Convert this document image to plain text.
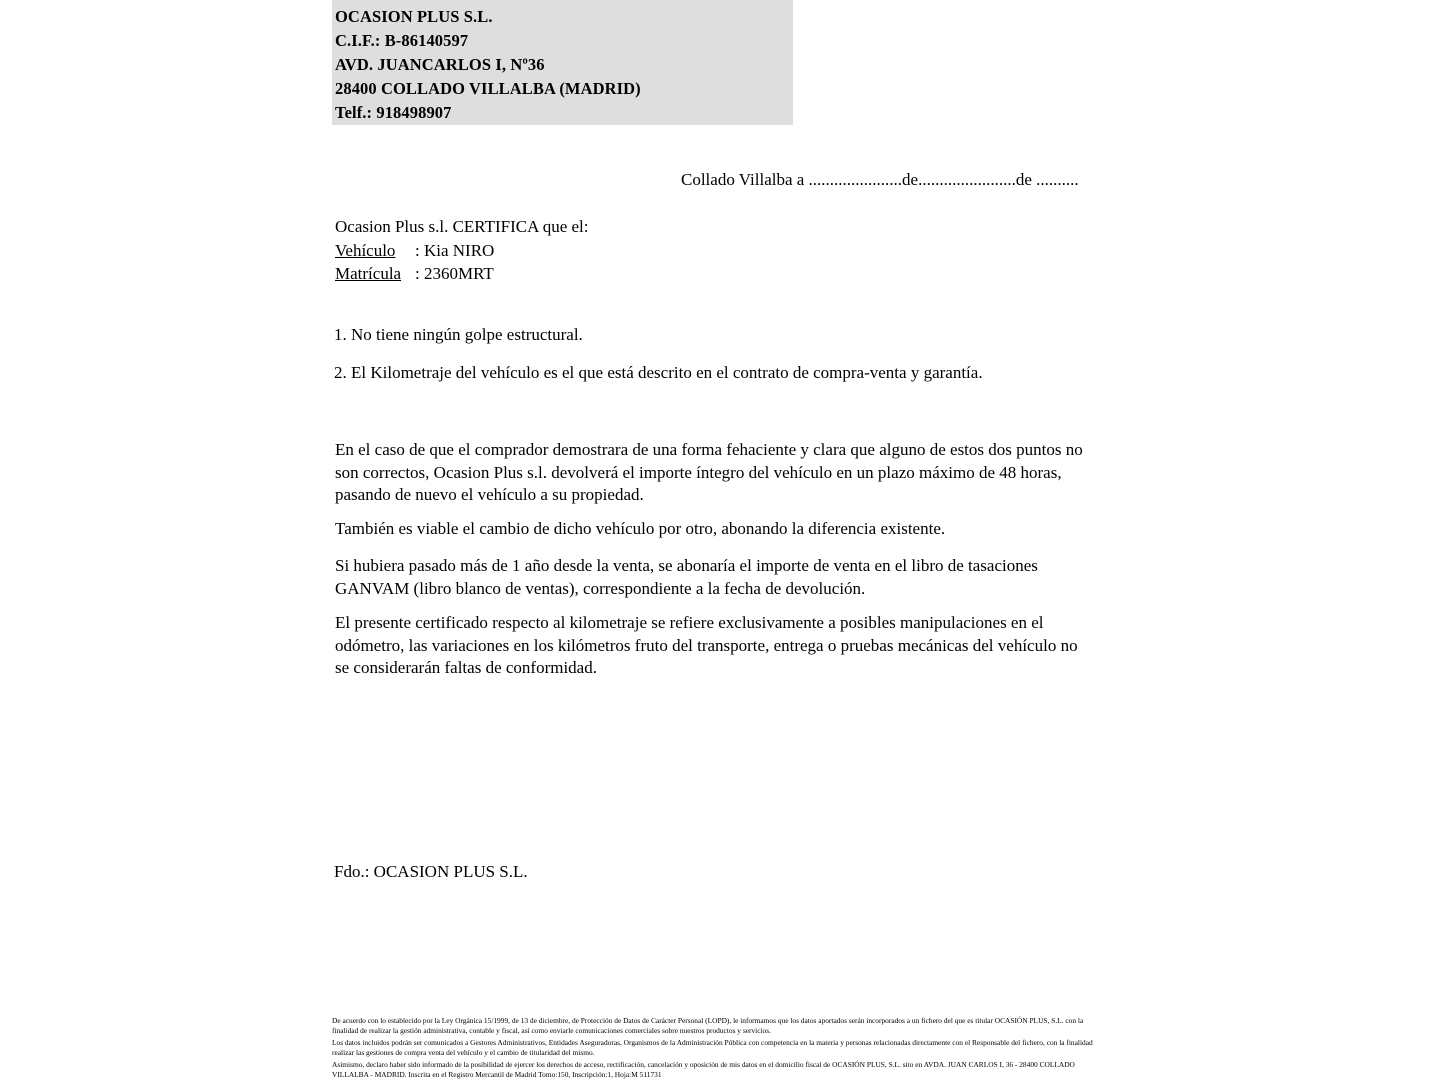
OCASION PLUS S.L.
C.I.F.: B-86140597
AVD. JUANCARLOS I, Nº36
28400 COLLADO VILLALBA (MADRID)
Telf.: 918498907
Collado Villalba a ......................de.......................de ..........
Ocasion Plus s.l. CERTIFICA que el:
Vehículo : Kia NIRO
Matrícula : 2360MRT
1. No tiene ningún golpe estructural.
2. El Kilometraje del vehículo es el que está descrito en el contrato de compra-venta y garantía.
En el caso de que el comprador demostrara de una forma fehaciente y clara que alguno de estos dos puntos no son correctos, Ocasion Plus s.l. devolverá el importe íntegro del vehículo en un plazo máximo de 48 horas, pasando de nuevo el vehículo a su propiedad.
También es viable el cambio de dicho vehículo por otro, abonando la diferencia existente.
Si hubiera pasado más de 1 año desde la venta, se abonaría el importe de venta en el libro de tasaciones GANVAM (libro blanco de ventas), correspondiente a la fecha de devolución.
El presente certificado respecto al kilometraje se refiere exclusivamente a posibles manipulaciones en el odómetro, las variaciones en los kilómetros fruto del transporte, entrega o pruebas mecánicas del vehículo no se considerarán faltas de conformidad.
Fdo.: OCASION PLUS S.L.

De acuerdo con lo establecido por la Ley Orgánica 15/1999, de 13 de diciembre, de Protección de Datos de Carácter Personal (LOPD), le informamos que los datos aportados serán incorporados a un fichero del que es titular OCASIÓN PLUS, S.L. con la finalidad de realizar la gestión administrativa, contable y fiscal, así como enviarle comunicaciones comerciales sobre nuestros productos y servicios.

Los datos incluidos podrán ser comunicados a Gestores Administrativos, Entidades Aseguradoras, Organismos de la Administración Pública con competencia en la materia y personas relacionadas directamente con el Responsable del fichero, con la finalidad realizar las gestiones de compra venta del vehículo y el cambio de titularidad del mismo.

Asimismo, declaro haber sido informado de la posibilidad de ejercer los derechos de acceso, rectificación, cancelación y oposición de mis datos en el domicilio fiscal de OCASIÓN PLUS, S.L. sito en AVDA. JUAN CARLOS I, 36 - 28400 COLLADO VILLALBA - MADRID. Inscrita en el Registro Mercantil de Madrid Tomo:150, Inscripción:1, Hoja:M 511731
